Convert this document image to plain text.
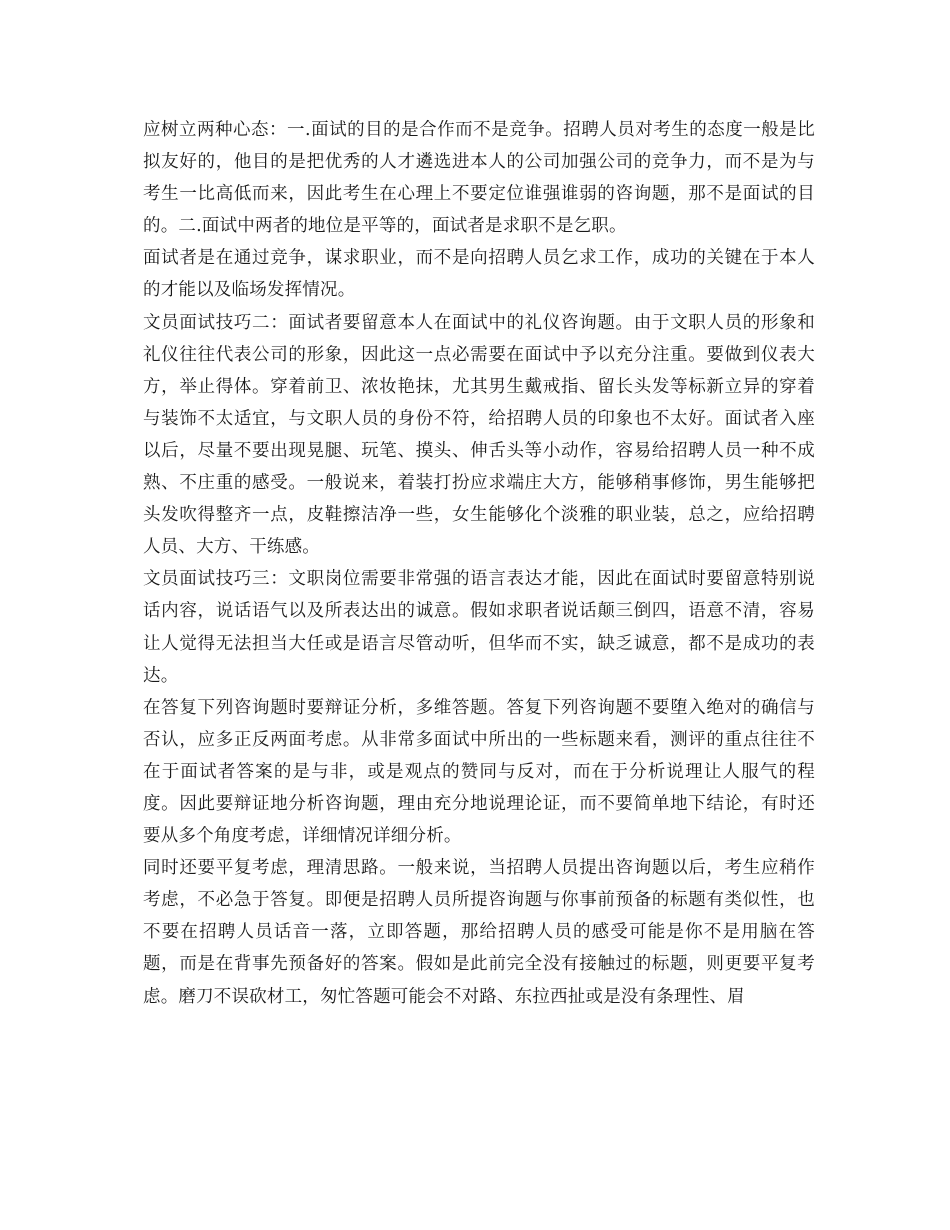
应树立两种心态：一.面试的目的是合作而不是竞争。招聘人员对考生的态度一般是比拟友好的，他目的是把优秀的人才遴选进本人的公司加强公司的竞争力，而不是为与考生一比高低而来，因此考生在心理上不要定位谁强谁弱的咨询题，那不是面试的目的。二.面试中两者的地位是平等的，面试者是求职不是乞职。

面试者是在通过竞争，谋求职业，而不是向招聘人员乞求工作，成功的关键在于本人的才能以及临场发挥情况。

文员面试技巧二：面试者要留意本人在面试中的礼仪咨询题。由于文职人员的形象和礼仪往往代表公司的形象，因此这一点必需要在面试中予以充分注重。要做到仪表大方，举止得体。穿着前卫、浓妆艳抹，尤其男生戴戒指、留长头发等标新立异的穿着与装饰不太适宜，与文职人员的身份不符，给招聘人员的印象也不太好。面试者入座以后，尽量不要出现晃腿、玩笔、摸头、伸舌头等小动作，容易给招聘人员一种不成熟、不庄重的感受。一般说来，着装打扮应求端庄大方，能够稍事修饰，男生能够把头发吹得整齐一点，皮鞋擦洁净一些，女生能够化个淡雅的职业装，总之，应给招聘人员、大方、干练感。

文员面试技巧三：文职岗位需要非常强的语言表达才能，因此在面试时要留意特别说话内容，说话语气以及所表达出的诚意。假如求职者说话颠三倒四，语意不清，容易让人觉得无法担当大任或是语言尽管动听，但华而不实，缺乏诚意，都不是成功的表达。

在答复下列咨询题时要辩证分析，多维答题。答复下列咨询题不要堕入绝对的确信与否认，应多正反两面考虑。从非常多面试中所出的一些标题来看，测评的重点往往不在于面试者答案的是与非，或是观点的赞同与反对，而在于分析说理让人服气的程度。因此要辩证地分析咨询题，理由充分地说理论证，而不要简单地下结论，有时还要从多个角度考虑，详细情况详细分析。

同时还要平复考虑，理清思路。一般来说，当招聘人员提出咨询题以后，考生应稍作考虑，不必急于答复。即便是招聘人员所提咨询题与你事前预备的标题有类似性，也不要在招聘人员话音一落，立即答题，那给招聘人员的感受可能是你不是用脑在答题，而是在背事先预备好的答案。假如是此前完全没有接触过的标题，则更要平复考虑。磨刀不误砍材工，匆忙答题可能会不对路、东拉西扯或是没有条理性、眉
